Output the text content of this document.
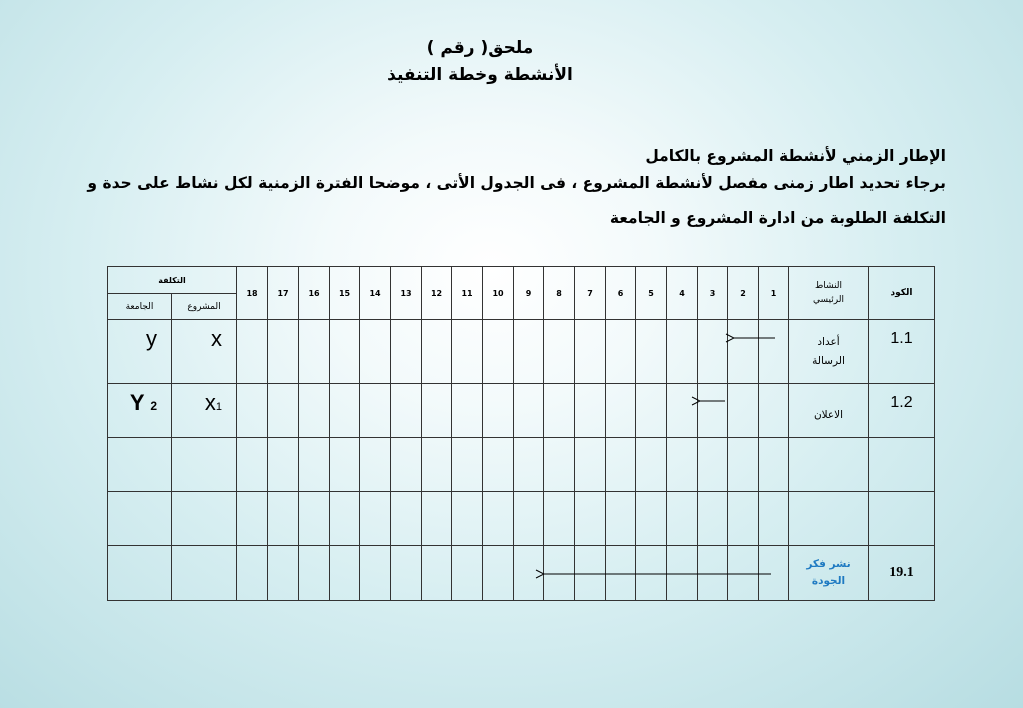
ملحق( رقم )
الأنشطة وخطة التنفيذ
الإطار الزمني لأنشطة المشروع بالكامل
برجاء تحديد اطار زمنى مفصل لأنشطة المشروع ، فى الجدول الأتى ، موضحا الفترة الزمنية لكل نشاط على حدة و
التكلفة الطلوبة من ادارة المشروع و الجامعة
التكلفة		18	17	16	15	14	13	12	11	10	9	8	7	6	5	4	3	2	1	النشاط الرئيسي	الكود
الجامعة	المشروع																				
y	x																			أعداد الرسالة	1.1
Y 2	x1																			الاعلان	1.2

																				نشر فكر الجودة	19.1
